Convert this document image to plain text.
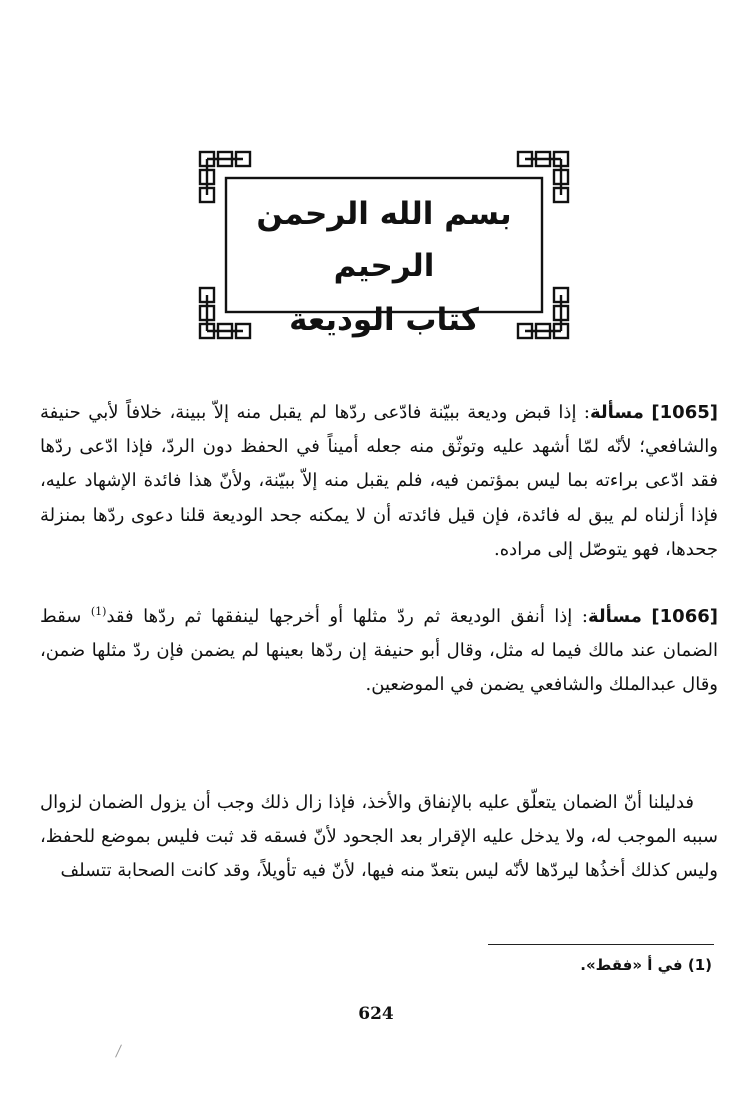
بسم الله الرحمن الرحيم
كتاب الوديعة

[1065] مسألة: إذا قبض وديعة ببيّنة فادّعى ردّها لم يقبل منه إلاّ ببينة، خلافاً لأبي حنيفة والشافعي؛ لأنّه لمّا أشهد عليه وتوثّق منه جعله أميناً في الحفظ دون الردّ، فإذا ادّعى ردّها فقد ادّعى براءته بما ليس بمؤتمن فيه، فلم يقبل منه إلاّ ببيّنة، ولأنّ هذا فائدة الإشهاد عليه، فإذا أزلناه لم يبق له فائدة، فإن قيل فائدته أن لا يمكنه جحد الوديعة قلنا دعوى ردّها بمنزلة جحدها، فهو يتوصّل إلى مراده.

[1066] مسألة: إذا أنفق الوديعة ثم ردّ مثلها أو أخرجها لينفقها ثم ردّها فقد$^{(1)}$ سقط الضمان عند مالك فيما له مثل، وقال أبو حنيفة إن ردّها بعينها لم يضمن فإن ردّ مثلها ضمن، وقال عبدالملك والشافعي يضمن في الموضعين.

فدليلنا أنّ الضمان يتعلّق عليه بالإنفاق والأخذ، فإذا زال ذلك وجب أن يزول الضمان لزوال سببه الموجب له، ولا يدخل عليه الإقرار بعد الجحود لأنّ فسقه قد ثبت فليس بموضع للحفظ، وليس كذلك أخذُها ليردّها لأنّه ليس بتعدّ منه فيها، لأنّ فيه تأويلاً، وقد كانت الصحابة تتسلف

(1) في أ «فقط».
624
